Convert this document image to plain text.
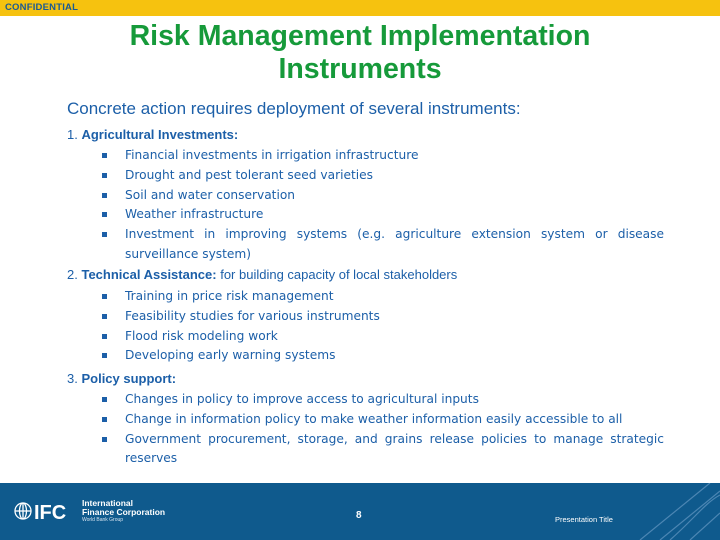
CONFIDENTIAL
Risk Management Implementation
Instruments
Concrete action requires deployment of several instruments:
1. Agricultural Investments:
Financial investments in irrigation infrastructure
Drought and pest tolerant seed varieties
Soil and water conservation
Weather infrastructure
Investment in improving systems (e.g. agriculture extension system or disease surveillance system)
2. Technical Assistance: for building capacity of local stakeholders
Training in price risk management
Feasibility studies for various instruments
Flood risk modeling work
Developing early warning systems
3. Policy support:
Changes in policy to improve access to agricultural inputs
Change in information policy to make weather information easily accessible to all
Government procurement, storage, and grains release policies to manage strategic reserves
IFC International
Finance Corporation
World Bank Group	8	Presentation Title
